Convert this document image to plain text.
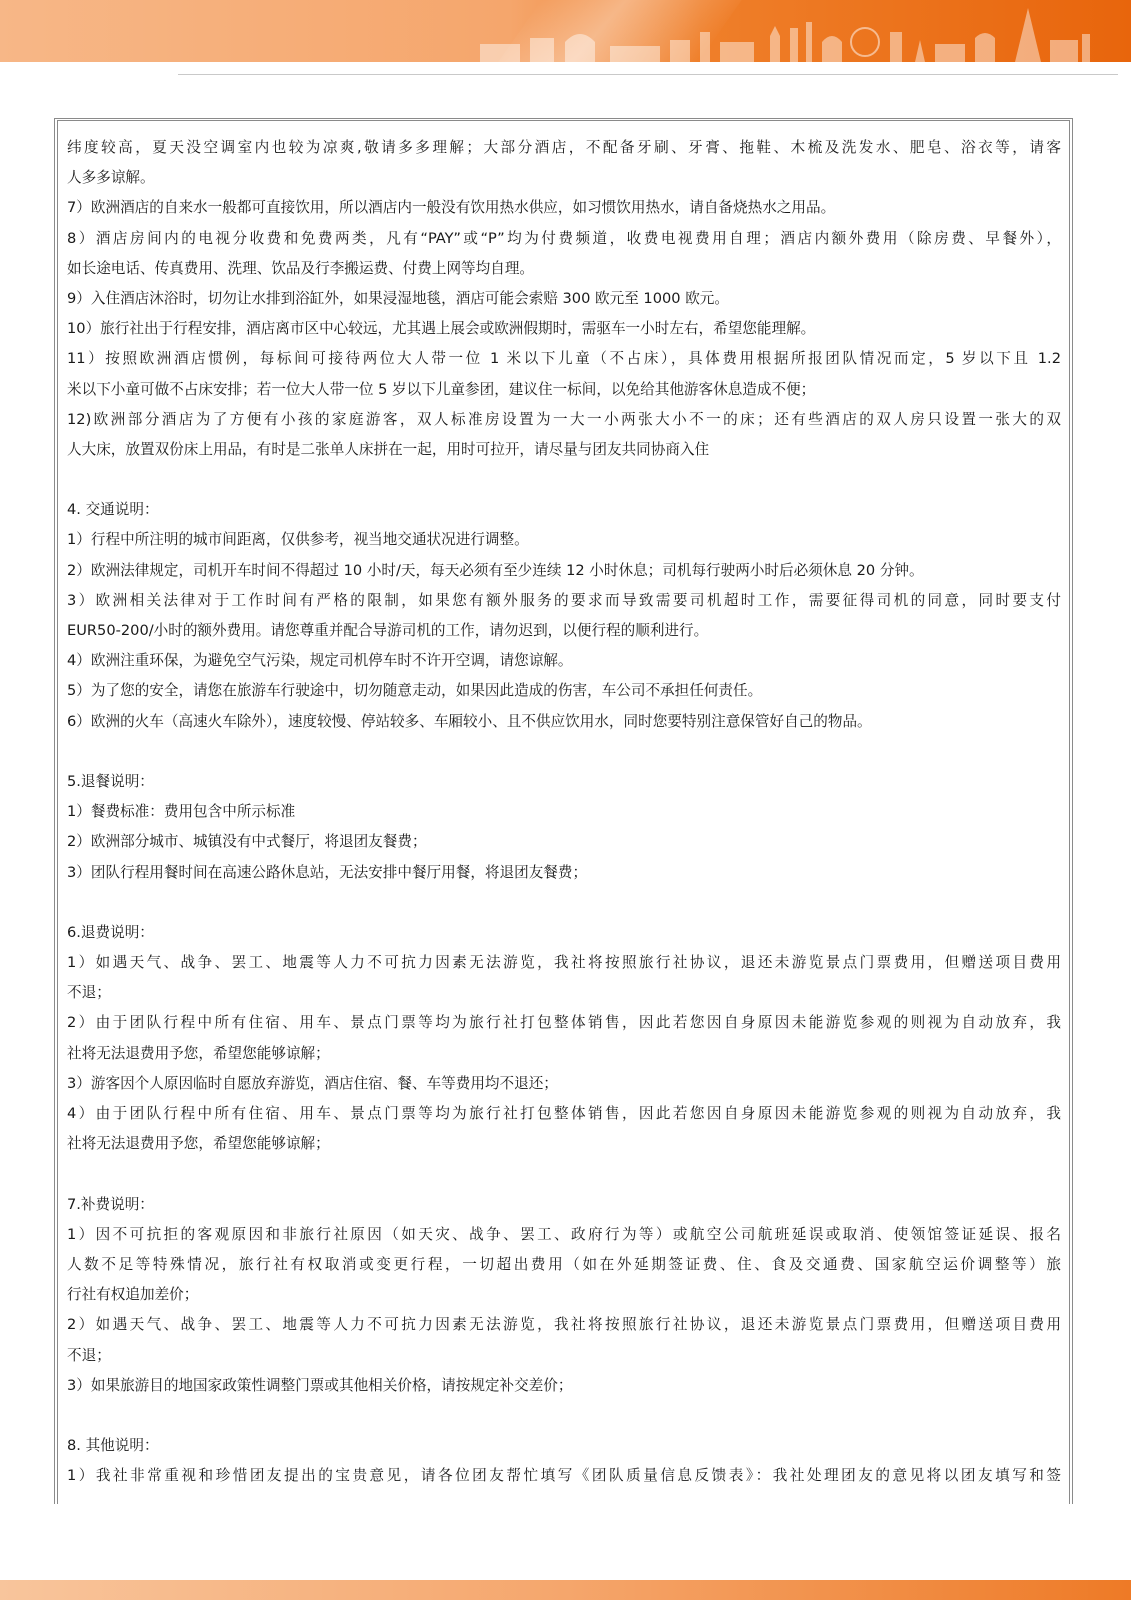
纬度较高，夏天没空调室内也较为凉爽,敬请多多理解；大部分酒店，不配备牙刷、牙膏、拖鞋、木梳及洗发水、肥皂、浴衣等，请客
人多多谅解。
7）欧洲酒店的自来水一般都可直接饮用，所以酒店内一般没有饮用热水供应，如习惯饮用热水，请自备烧热水之用品。
8）酒店房间内的电视分收费和免费两类，凡有“PAY”或“P”均为付费频道，收费电视费用自理；酒店内额外费用（除房费、早餐外），
如长途电话、传真费用、洗理、饮品及行李搬运费、付费上网等均自理。
9）入住酒店沐浴时，切勿让水排到浴缸外，如果浸湿地毯，酒店可能会索赔 300 欧元至 1000 欧元。
10）旅行社出于行程安排，酒店离市区中心较远，尤其遇上展会或欧洲假期时，需驱车一小时左右，希望您能理解。
11）按照欧洲酒店惯例，每标间可接待两位大人带一位 1 米以下儿童（不占床），具体费用根据所报团队情况而定，5 岁以下且 1.2
米以下小童可做不占床安排；若一位大人带一位 5 岁以下儿童参团，建议住一标间，以免给其他游客休息造成不便；
12)欧洲部分酒店为了方便有小孩的家庭游客，双人标准房设置为一大一小两张大小不一的床；还有些酒店的双人房只设置一张大的双
人大床，放置双份床上用品，有时是二张单人床拼在一起，用时可拉开，请尽量与团友共同协商入住
4. 交通说明：
1）行程中所注明的城市间距离，仅供参考，视当地交通状况进行调整。
2）欧洲法律规定，司机开车时间不得超过 10 小时/天，每天必须有至少连续 12 小时休息；司机每行驶两小时后必须休息 20 分钟。
3）欧洲相关法律对于工作时间有严格的限制，如果您有额外服务的要求而导致需要司机超时工作，需要征得司机的同意，同时要支付
EUR50-200/小时的额外费用。请您尊重并配合导游司机的工作，请勿迟到，以便行程的顺利进行。
4）欧洲注重环保，为避免空气污染，规定司机停车时不许开空调，请您谅解。
5）为了您的安全，请您在旅游车行驶途中，切勿随意走动，如果因此造成的伤害，车公司不承担任何责任。
6）欧洲的火车（高速火车除外），速度较慢、停站较多、车厢较小、且不供应饮用水，同时您要特别注意保管好自己的物品。
5.退餐说明：
1）餐费标准：费用包含中所示标准
2）欧洲部分城市、城镇没有中式餐厅，将退团友餐费；
3）团队行程用餐时间在高速公路休息站，无法安排中餐厅用餐，将退团友餐费；
6.退费说明：
1）如遇天气、战争、罢工、地震等人力不可抗力因素无法游览，我社将按照旅行社协议，退还未游览景点门票费用，但赠送项目费用
不退；
2）由于团队行程中所有住宿、用车、景点门票等均为旅行社打包整体销售，因此若您因自身原因未能游览参观的则视为自动放弃，我
社将无法退费用予您，希望您能够谅解；
3）游客因个人原因临时自愿放弃游览，酒店住宿、餐、车等费用均不退还；
4）由于团队行程中所有住宿、用车、景点门票等均为旅行社打包整体销售，因此若您因自身原因未能游览参观的则视为自动放弃，我
社将无法退费用予您，希望您能够谅解；
7.补费说明：
1）因不可抗拒的客观原因和非旅行社原因（如天灾、战争、罢工、政府行为等）或航空公司航班延误或取消、使领馆签证延误、报名
人数不足等特殊情况，旅行社有权取消或变更行程，一切超出费用（如在外延期签证费、住、食及交通费、国家航空运价调整等）旅
行社有权追加差价；
2）如遇天气、战争、罢工、地震等人力不可抗力因素无法游览，我社将按照旅行社协议，退还未游览景点门票费用，但赠送项目费用
不退；
3）如果旅游目的地国家政策性调整门票或其他相关价格，请按规定补交差价；
8. 其他说明：
1）我社非常重视和珍惜团友提出的宝贵意见，请各位团友帮忙填写《团队质量信息反馈表》：我社处理团友的意见将以团友填写和签
